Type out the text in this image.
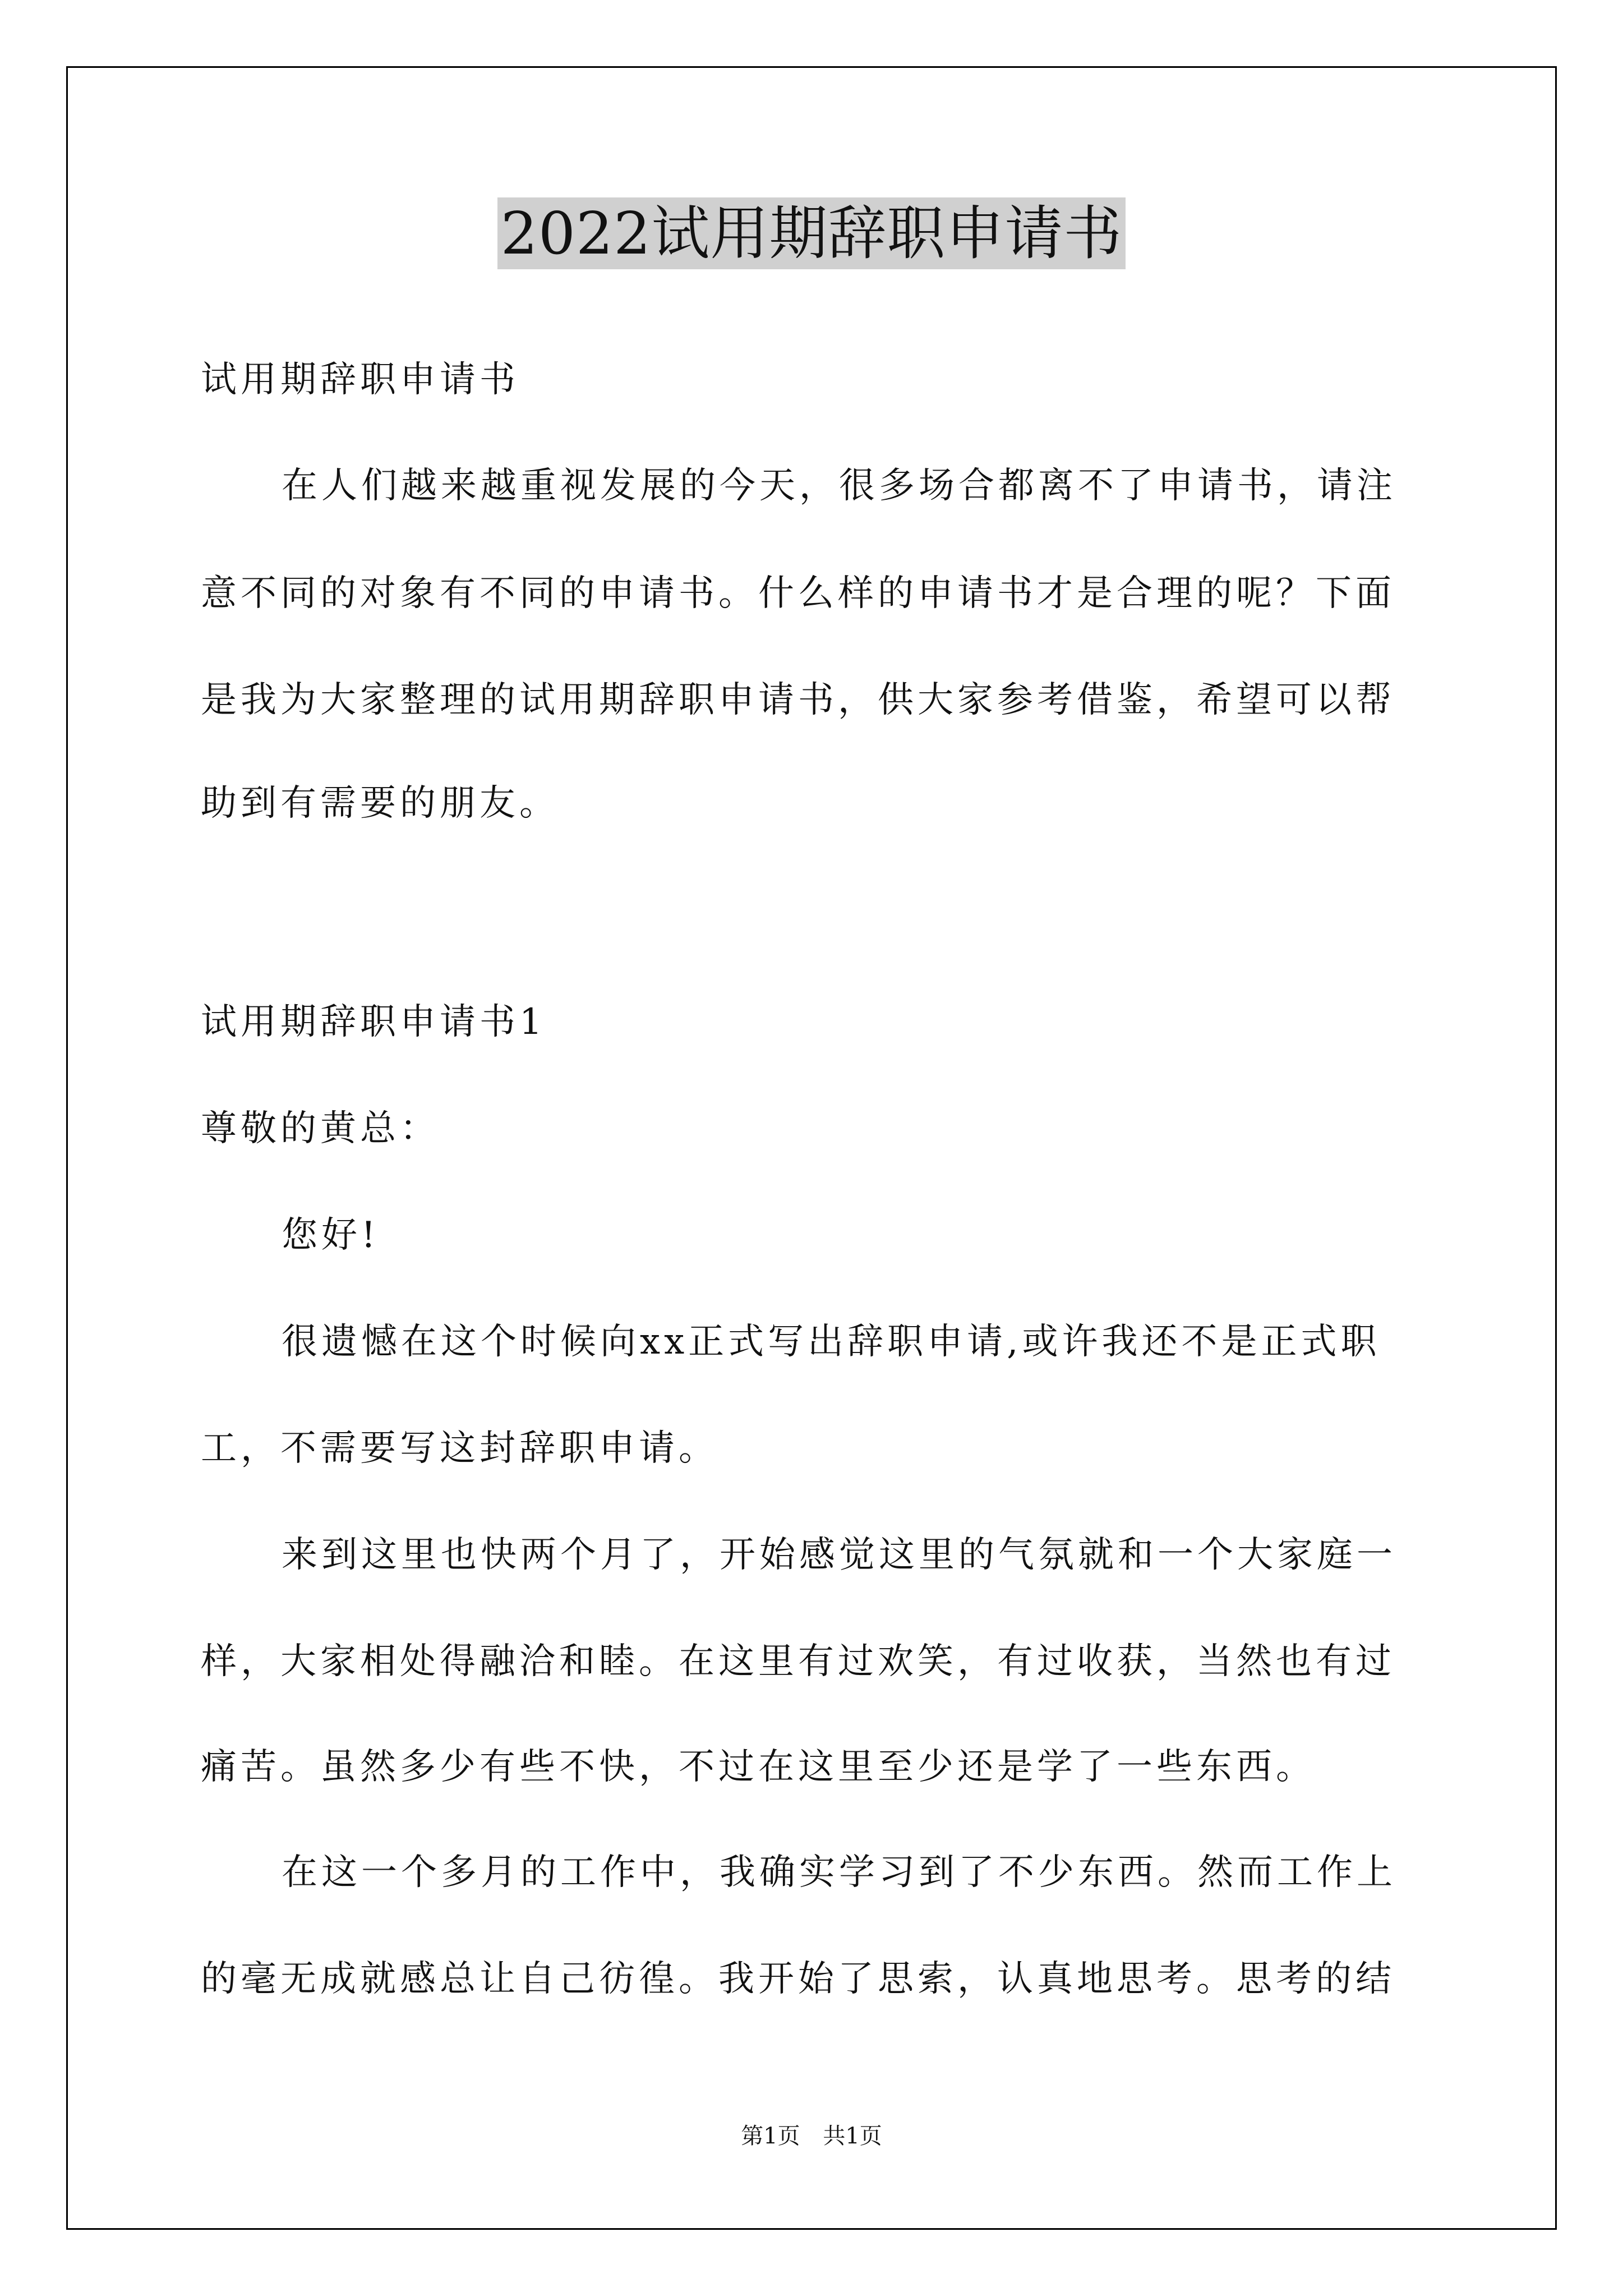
2022试用期辞职申请书
试用期辞职申请书
在人们越来越重视发展的今天，很多场合都离不了申请书，请注
意不同的对象有不同的申请书。什么样的申请书才是合理的呢？下面
是我为大家整理的试用期辞职申请书，供大家参考借鉴，希望可以帮
助到有需要的朋友。
试用期辞职申请书1
尊敬的黄总：
您好!
很遗憾在这个时候向xx正式写出辞职申请,或许我还不是正式职
工，不需要写这封辞职申请。
来到这里也快两个月了，开始感觉这里的气氛就和一个大家庭一
样，大家相处得融洽和睦。在这里有过欢笑，有过收获，当然也有过
痛苦。虽然多少有些不快，不过在这里至少还是学了一些东西。
在这一个多月的工作中，我确实学习到了不少东西。然而工作上
的毫无成就感总让自己彷徨。我开始了思索，认真地思考。思考的结
第1页 共1页
